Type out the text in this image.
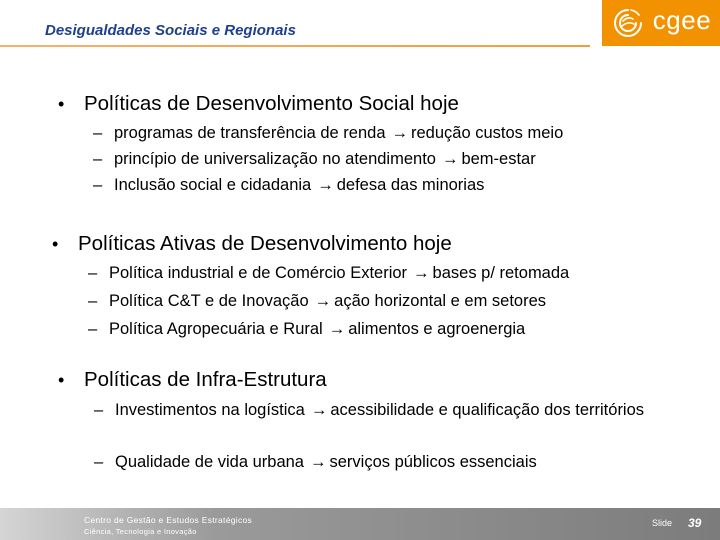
Desigualdades Sociais e Regionais	cgee
• Políticas de Desenvolvimento Social hoje
– programas de transferência de renda → redução custos meio
– princípio de universalização no atendimento → bem-estar
– Inclusão social e cidadania → defesa das minorias
• Políticas Ativas de Desenvolvimento hoje
– Política industrial e de Comércio Exterior → bases p/ retomada
– Política C&T e de Inovação → ação horizontal e em setores
– Política Agropecuária e Rural → alimentos e agroenergia
• Políticas de Infra-Estrutura
– Investimentos na logística → acessibilidade e qualificação dos territórios
– Qualidade de vida urbana → serviços públicos essenciais
Centro de Gestão e Estudos Estratégicos
Ciência, Tecnologia e Inovação
Slide 39
